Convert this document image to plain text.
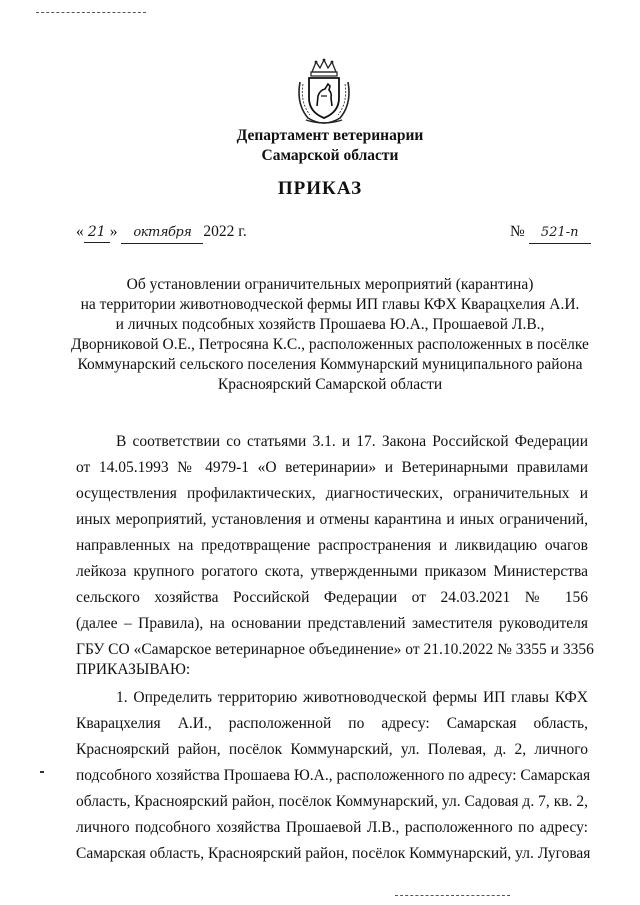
Департамент ветеринарии
Самарской области
ПРИКАЗ
« 21 » октября 2022 г.	№ 521-п
Об установлении ограничительных мероприятий (карантина)
на территории животноводческой фермы ИП главы КФХ Кварацхелия А.И.
и личных подсобных хозяйств Прошаева Ю.А., Прошаевой Л.В.,
Дворниковой О.Е., Петросяна К.С., расположенных расположенных в посёлке
Коммунарский сельского поселения Коммунарский муниципального района
Красноярский Самарской области
В соответствии со статьями 3.1. и 17. Закона Российской Федерации
от 14.05.1993 № 4979-1 «О ветеринарии» и Ветеринарными правилами
осуществления профилактических, диагностических, ограничительных и
иных мероприятий, установления и отмены карантина и иных ограничений,
направленных на предотвращение распространения и ликвидацию очагов
лейкоза крупного рогатого скота, утвержденными приказом Министерства
сельского хозяйства Российской Федерации от 24.03.2021 № 156
(далее – Правила), на основании представлений заместителя руководителя
ГБУ СО «Самарское ветеринарное объединение» от 21.10.2022 № 3355 и 3356
ПРИКАЗЫВАЮ:
1. Определить территорию животноводческой фермы ИП главы КФХ
Кварацхелия А.И., расположенной по адресу: Самарская область,
Красноярский район, посёлок Коммунарский, ул. Полевая, д. 2, личного
подсобного хозяйства Прошаева Ю.А., расположенного по адресу: Самарская
область, Красноярский район, посёлок Коммунарский, ул. Садовая д. 7, кв. 2,
личного подсобного хозяйства Прошаевой Л.В., расположенного по адресу:
Самарская область, Красноярский район, посёлок Коммунарский, ул. Луговая
